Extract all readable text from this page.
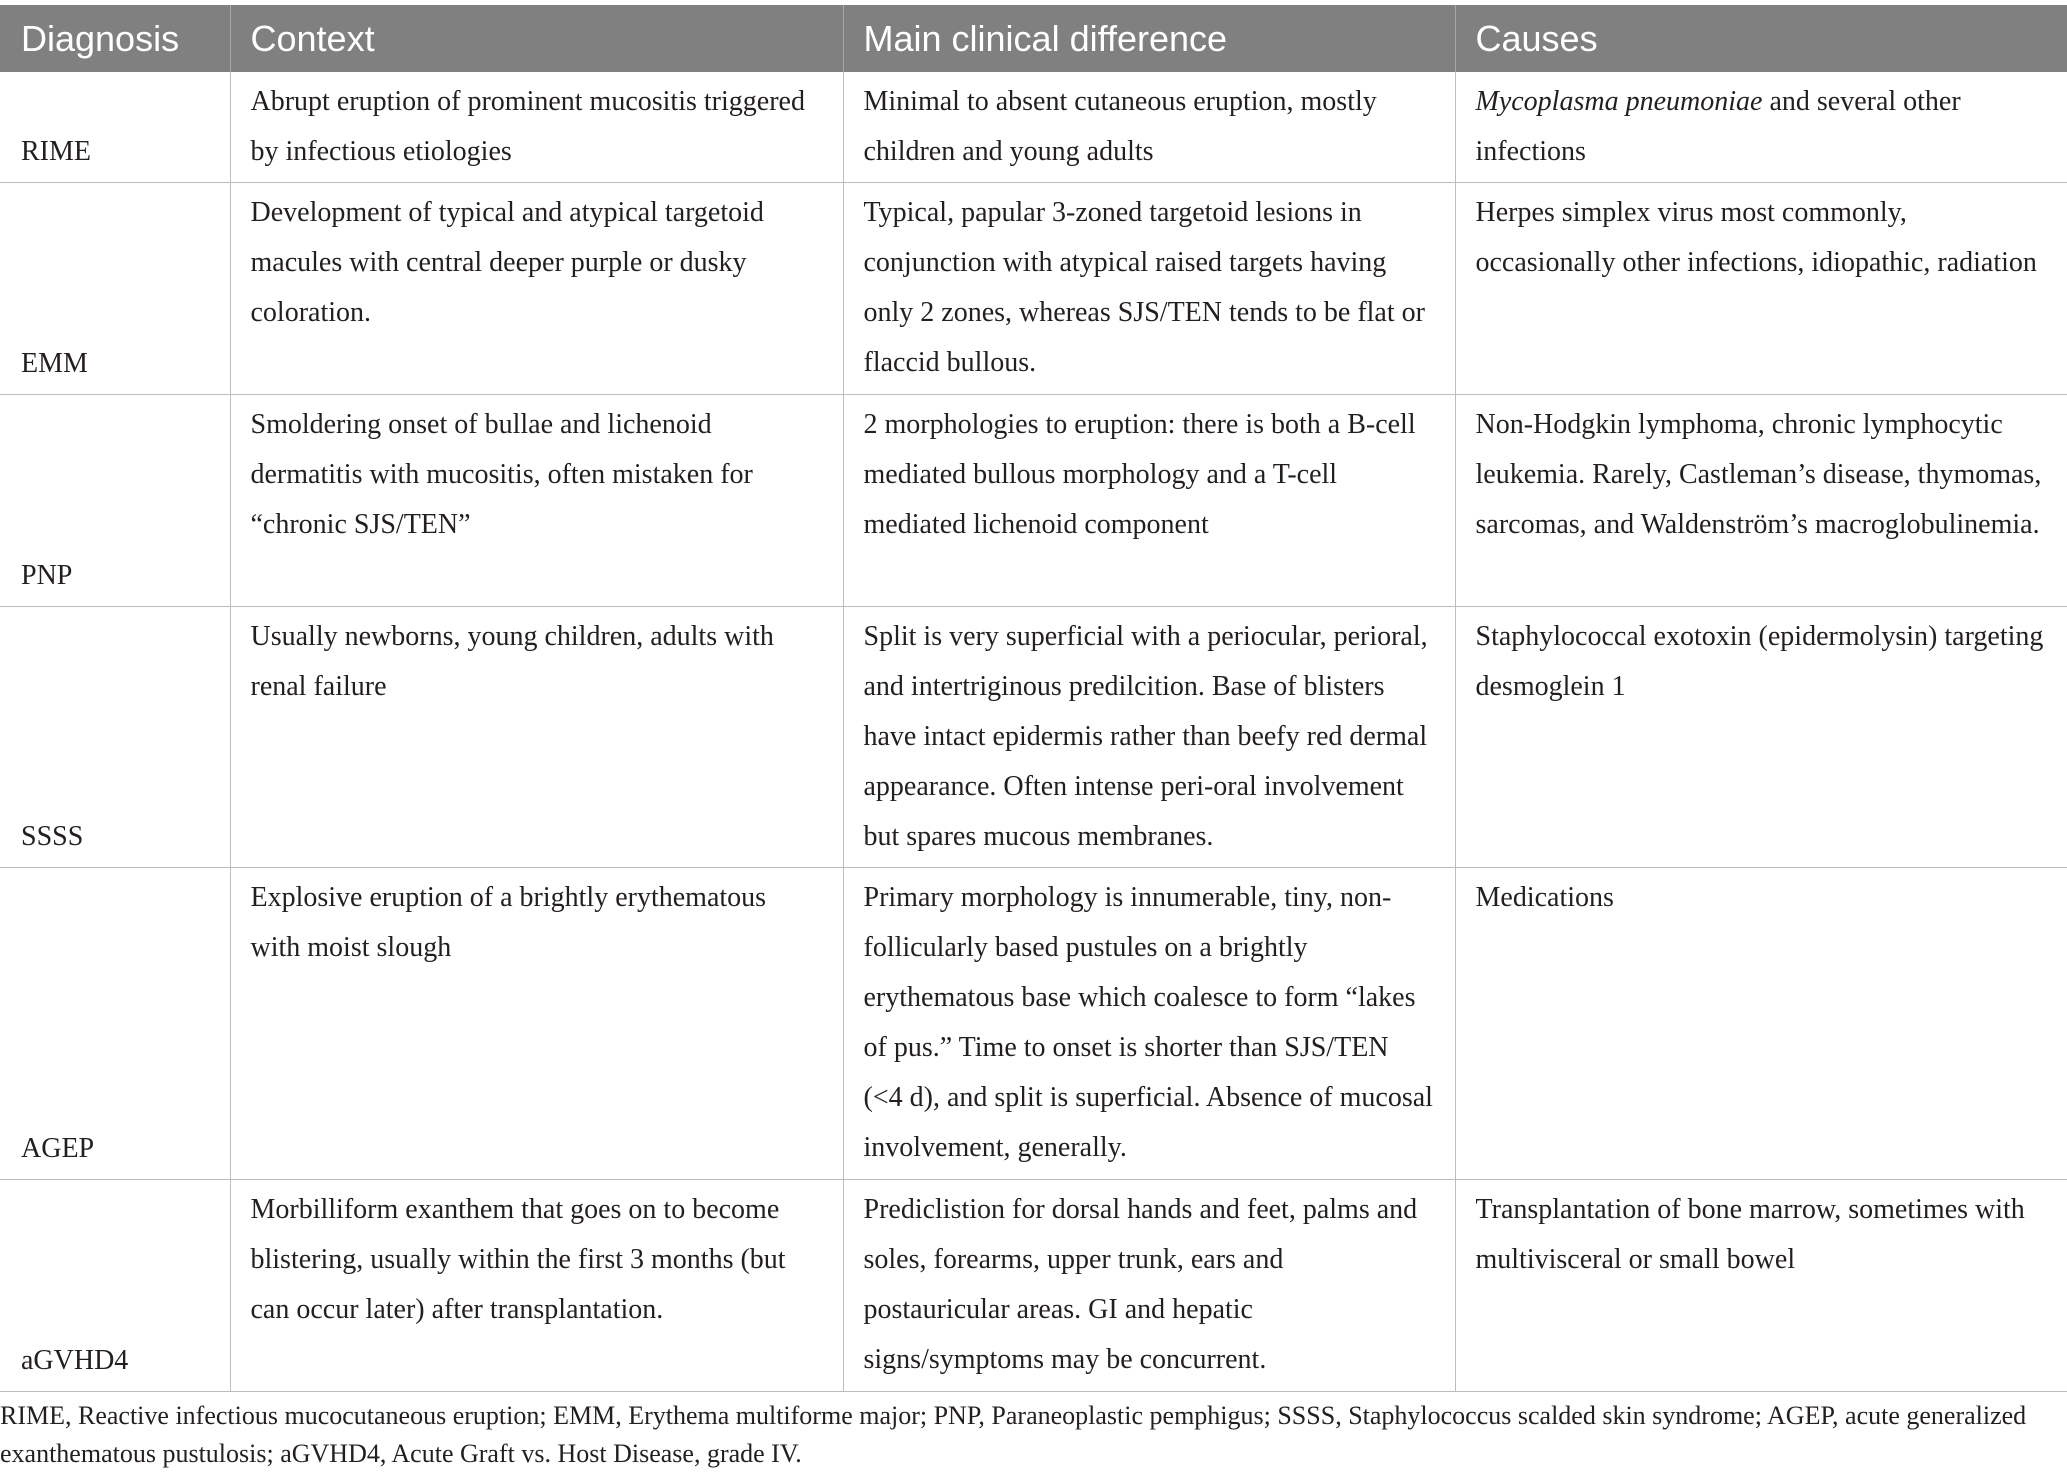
Diagnosis	Context	Main clinical difference	Causes
RIME	Abrupt eruption of prominent mucositis triggered by infectious etiologies	Minimal to absent cutaneous eruption, mostly children and young adults	Mycoplasma pneumoniae and several other infections
EMM	Development of typical and atypical targetoid macules with central deeper purple or dusky coloration.	Typical, papular 3-zoned targetoid lesions in conjunction with atypical raised targets having only 2 zones, whereas SJS/TEN tends to be flat or flaccid bullous.	Herpes simplex virus most commonly, occasionally other infections, idiopathic, radiation
PNP	Smoldering onset of bullae and lichenoid dermatitis with mucositis, often mistaken for “chronic SJS/TEN”	2 morphologies to eruption: there is both a B-cell mediated bullous morphology and a T-cell mediated lichenoid component	Non-Hodgkin lymphoma, chronic lymphocytic leukemia. Rarely, Castleman’s disease, thymomas, sarcomas, and Waldenström’s macroglobulinemia.
SSSS	Usually newborns, young children, adults with renal failure	Split is very superficial with a periocular, perioral, and intertriginous predilcition. Base of blisters have intact epidermis rather than beefy red dermal appearance. Often intense peri-oral involvement but spares mucous membranes.	Staphylococcal exotoxin (epidermolysin) targeting desmoglein 1
AGEP	Explosive eruption of a brightly erythematous with moist slough	Primary morphology is innumerable, tiny, non-follicularly based pustules on a brightly erythematous base which coalesce to form “lakes of pus.” Time to onset is shorter than SJS/TEN (<4 d), and split is superficial. Absence of mucosal involvement, generally.	Medications
aGVHD4	Morbilliform exanthem that goes on to become blistering, usually within the first 3 months (but can occur later) after transplantation.	Prediclistion for dorsal hands and feet, palms and soles, forearms, upper trunk, ears and postauricular areas. GI and hepatic signs/symptoms may be concurrent.	Transplantation of bone marrow, sometimes with multivisceral or small bowel
RIME, Reactive infectious mucocutaneous eruption; EMM, Erythema multiforme major; PNP, Paraneoplastic pemphigus; SSSS, Staphylococcus scalded skin syndrome; AGEP, acute generalized exanthematous pustulosis; aGVHD4, Acute Graft vs. Host Disease, grade IV.
